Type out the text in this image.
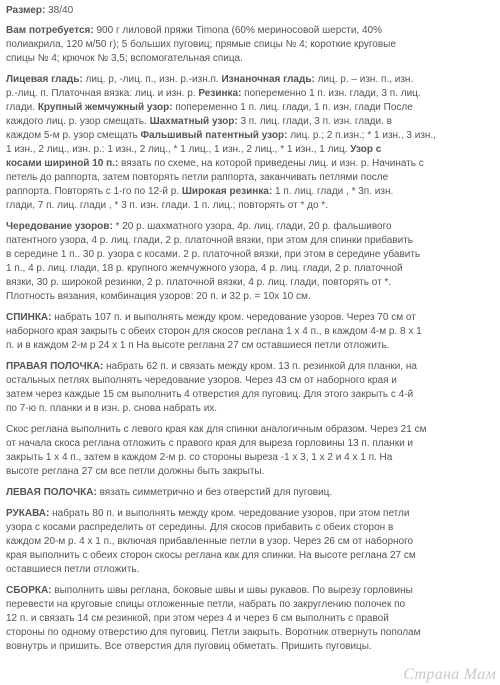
Размер: 38/40

Вам потребуется: 900 г лиловой пряжи Timona (60% мериносовой шерсти, 40%

полиакрила, 120 м/50 г); 5 больших пуговиц; прямые спицы № 4; короткие круговые

спицы № 4; крючок № 3,5; вспомогательная спица.

Лицевая гладь: лиц. р, -лиц. п., изн. р.-изн.п. Изнаночная гладь: лиц. р. – изн. п., изн.

р.-лиц. п. Платочная вязка: лиц. и изн. р. Резинка: попеременно 1 п. изн. глади, 3 п. лиц.

глади. Крупный жемчужный узор: попеременно 1 п. лиц. глади, 1 п. изн. глади После

каждого лиц. р. узор смещать. Шахматный узор: 3 п. лиц. глади, 3 п. изн. глади. в

каждом 5-м р. узор смещать Фальшивый патентный узор: лиц. р.; 2 п.изн.; * 1 изн., 3 изн.,

1 изн., 2 лиц., изн. р.: 1 изн., 2 лиц., * 1 лиц., 1 изн., 2 лиц., * 1 изн., 1 лиц. Узор с

косами шириной 10 п.: вязать по схеме, на которой приведены лиц. и изн. р. Начинать с

петель до раппорта, затем повторять петли раппорта, заканчивать петлями после

раппорта. Повторять с 1-го по 12-й р. Широкая резинка: 1 п. лиц. глади , * 3п. изн.

глади, 7 п. лиц. глади , * 3 п. изн. глади. 1 п. лиц.; повторять от * до *.

Чередование узоров: * 20 р. шахматного узора, 4р. лиц. глади, 20 р. фальшивого

патентного узора, 4 р. лиц. глади, 2 р. платочной вязки, при этом для спинки прибавить

в середине 1 п.. 30 р. узора с косами. 2 р. платочной вязки, при этом в середине убавить

1 п., 4 р. лиц. глади, 18 р. крупного жемчужного узора, 4 р. лиц. глади, 2 р. платочной

вязки, 30 р. широкой резинки, 2 р. платочной вязки, 4 р. лиц. глади, повторять от *.

Плотность вязания, комбинация узоров: 20 п. и 32 р. = 10х 10 см.

СПИНКА: набрать 107 п. и выполнять между кром. чередование узоров. Через 70 см от

наборного края закрыть с обеих сторон для скосов реглана 1 х 4 п., в каждом 4-м р. 8 х 1

п. и в каждом 2-м р 24 х 1 п На высоте реглана 27 см оставшиеся петли отложить.

ПРАВАЯ ПОЛОЧКА: набрать 62 п. и связать между кром. 13 п. резинкой для планки, на

остальных петлях выполнять чередование узоров. Через 43 см от наборного края и

затем через каждые 15 см выполнить 4 отверстия для пуговиц. Для этого закрыть с 4-й

по 7-ю п. планки и в изн. р. снова набрать их.

Скос реглана выполнить с левого края как для спинки аналогичным образом. Через 21 см

от начала скоса реглана отложить с правого края для выреза горловины 13 п. планки и

закрыть 1 х 4 п., затем в каждом 2-м р. со стороны выреза -1 х 3, 1 х 2 и 4 х 1 п. На

высоте реглана 27 см все петли должны быть закрыты.

ЛЕВАЯ ПОЛОЧКА: вязать симметрично и без отверстий для пуговиц.

РУКАВА: набрать 80 п. и выполнять между кром. чередование узоров, при этом петли

узора с косами распределить от середины. Для скосов прибавить с обеих сторон в

каждом 20-м р. 4 х 1 п., включая прибавленные петли в узор. Через 26 см от наборного

края выполнить с обеих сторон скосы реглана как для спинки. На высоте реглана 27 см

оставшиеся петли отложить.

СБОРКА: выполнить швы реглана, боковые швы и швы рукавов. По вырезу горловины

перевести на круговые спицы отложенные петли, набрать по закруглению полочек по

12 п. и связать 14 см резинкой, при этом через 4 и через 6 см выполнить с правой

стороны по одному отверстию для пуговиц. Петли закрыть. Воротник отвернуть пополам

вовнутрь и пришить. Все отверстия для пуговиц обметать. Пришить пуговицы.

Страна Мам
